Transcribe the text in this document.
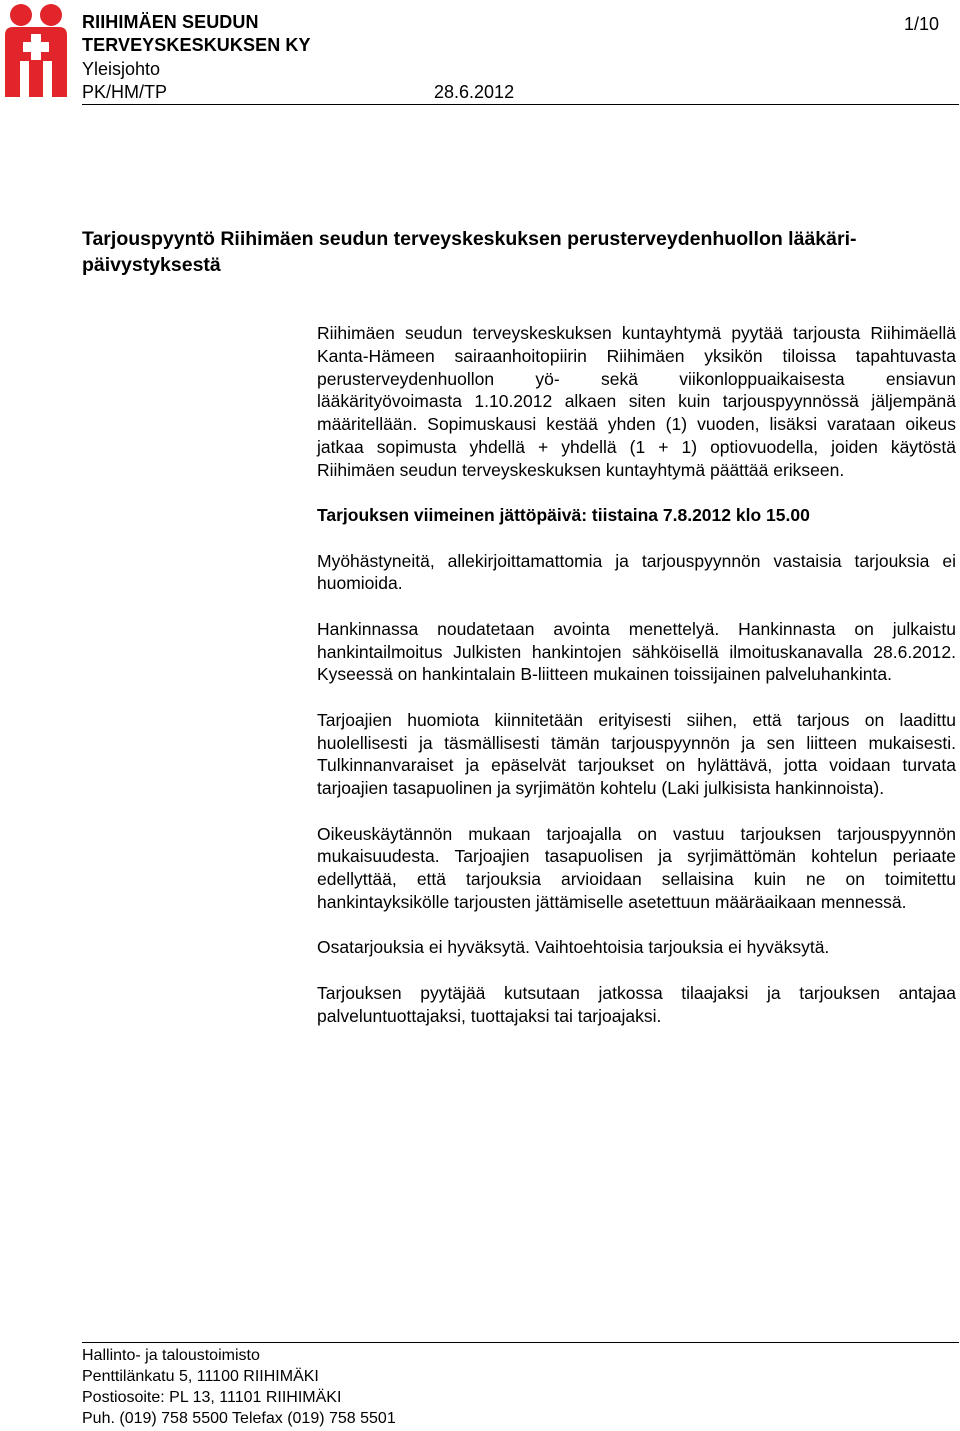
RIIHIMÄEN SEUDUN
TERVEYSKESKUKSEN KY
Yleisjohto
PK/HM/TP	28.6.2012
1/10
Tarjouspyyntö Riihimäen seudun terveyskeskuksen perusterveydenhuollon lääkäri-
päivystyksestä

Riihimäen seudun terveyskeskuksen kuntayhtymä pyytää tarjousta Riihimäellä Kanta-Hämeen sairaanhoitopiirin Riihimäen yksikön tiloissa tapahtuvasta perusterveydenhuollon yö- sekä viikonloppuaikaisesta ensiavun lääkärityövoimasta 1.10.2012 alkaen siten kuin tarjouspyynnössä jäljempänä määritellään. Sopimuskausi kestää yhden (1) vuoden, lisäksi varataan oikeus jatkaa sopimusta yhdellä + yhdellä (1 + 1) optiovuodella, joiden käytöstä Riihimäen seudun terveyskeskuksen kuntayhtymä päättää erikseen.

Tarjouksen viimeinen jättöpäivä: tiistaina 7.8.2012 klo 15.00

Myöhästyneitä, allekirjoittamattomia ja tarjouspyynnön vastaisia tarjouksia ei huomioida.

Hankinnassa noudatetaan avointa menettelyä. Hankinnasta on julkaistu hankintailmoitus Julkisten hankintojen sähköisellä ilmoituskanavalla 28.6.2012. Kyseessä on hankintalain B-liitteen mukainen toissijainen palveluhankinta.

Tarjoajien huomiota kiinnitetään erityisesti siihen, että tarjous on laadittu huolellisesti ja täsmällisesti tämän tarjouspyynnön ja sen liitteen mukaisesti. Tulkinnanvaraiset ja epäselvät tarjoukset on hylättävä, jotta voidaan turvata tarjoajien tasapuolinen ja syrjimätön kohtelu (Laki julkisista hankinnoista).

Oikeuskäytännön mukaan tarjoajalla on vastuu tarjouksen tarjouspyynnön mukaisuudesta. Tarjoajien tasapuolisen ja syrjimättömän kohtelun periaate edellyttää, että tarjouksia arvioidaan sellaisina kuin ne on toimitettu hankintayksikölle tarjousten jättämiselle asetettuun määräaikaan mennessä.

Osatarjouksia ei hyväksytä. Vaihtoehtoisia tarjouksia ei hyväksytä.

Tarjouksen pyytäjää kutsutaan jatkossa tilaajaksi ja tarjouksen antajaa palveluntuottajaksi, tuottajaksi tai tarjoajaksi.

Hallinto- ja taloustoimisto
Penttilänkatu 5, 11100 RIIHIMÄKI
Postiosoite: PL 13, 11101 RIIHIMÄKI
Puh. (019) 758 5500 Telefax (019) 758 5501
